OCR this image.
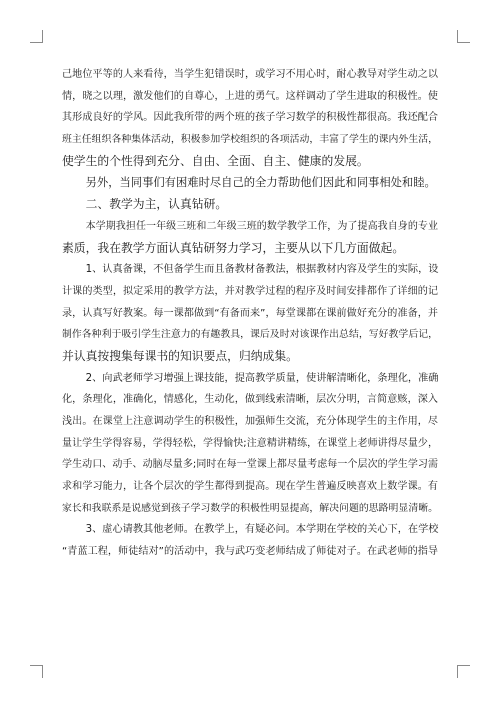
己地位平等的人来看待，当学生犯错误时，或学习不用心时，耐心教导对学生动之以
情，晓之以理，激发他们的自尊心，上进的勇气。这样调动了学生进取的积极性。使
其形成良好的学风。因此我所带的两个班的孩子学习数学的积极性都很高。我还配合
班主任组织各种集体活动，积极参加学校组织的各项活动，丰富了学生的课内外生活，
使学生的个性得到充分、自由、全面、自主、健康的发展。
另外，当同事们有困难时尽自己的全力帮助他们因此和同事相处和睦。
二、教学为主，认真钻研。
本学期我担任一年级三班和二年级三班的数学教学工作，为了提高我自身的专业
素质，我在教学方面认真钻研努力学习，主要从以下几方面做起。
1、认真备课，不但备学生而且备教材备教法，根据教材内容及学生的实际，设
计课的类型，拟定采用的教学方法，并对教学过程的程序及时间安排都作了详细的记
录，认真写好教案。每一课都做到“有备而来”，每堂课都在课前做好充分的准备，并
制作各种利于吸引学生注意力的有趣教具，课后及时对该课作出总结，写好教学后记，
并认真按搜集每课书的知识要点，归纳成集。
2、向武老师学习增强上课技能，提高教学质量，使讲解清晰化，条理化，准确
化，条理化，准确化，情感化，生动化，做到线索清晰，层次分明，言简意赅，深入
浅出。在课堂上注意调动学生的积极性，加强师生交流，充分体现学生的主作用，尽
量让学生学得容易，学得轻松，学得愉快;注意精讲精练，在课堂上老师讲得尽量少，
学生动口、动手、动脑尽量多;同时在每一堂课上都尽量考虑每一个层次的学生学习需
求和学习能力，让各个层次的学生都得到提高。现在学生普遍反映喜欢上数学课。有
家长和我联系是说感觉到孩子学习数学的积极性明显提高，解决问题的思路明显清晰。
3、虚心请教其他老师。在教学上，有疑必问。本学期在学校的关心下，在学校
“青蓝工程，师徒结对”的活动中，我与武巧变老师结成了师徒对子。在武老师的指导
